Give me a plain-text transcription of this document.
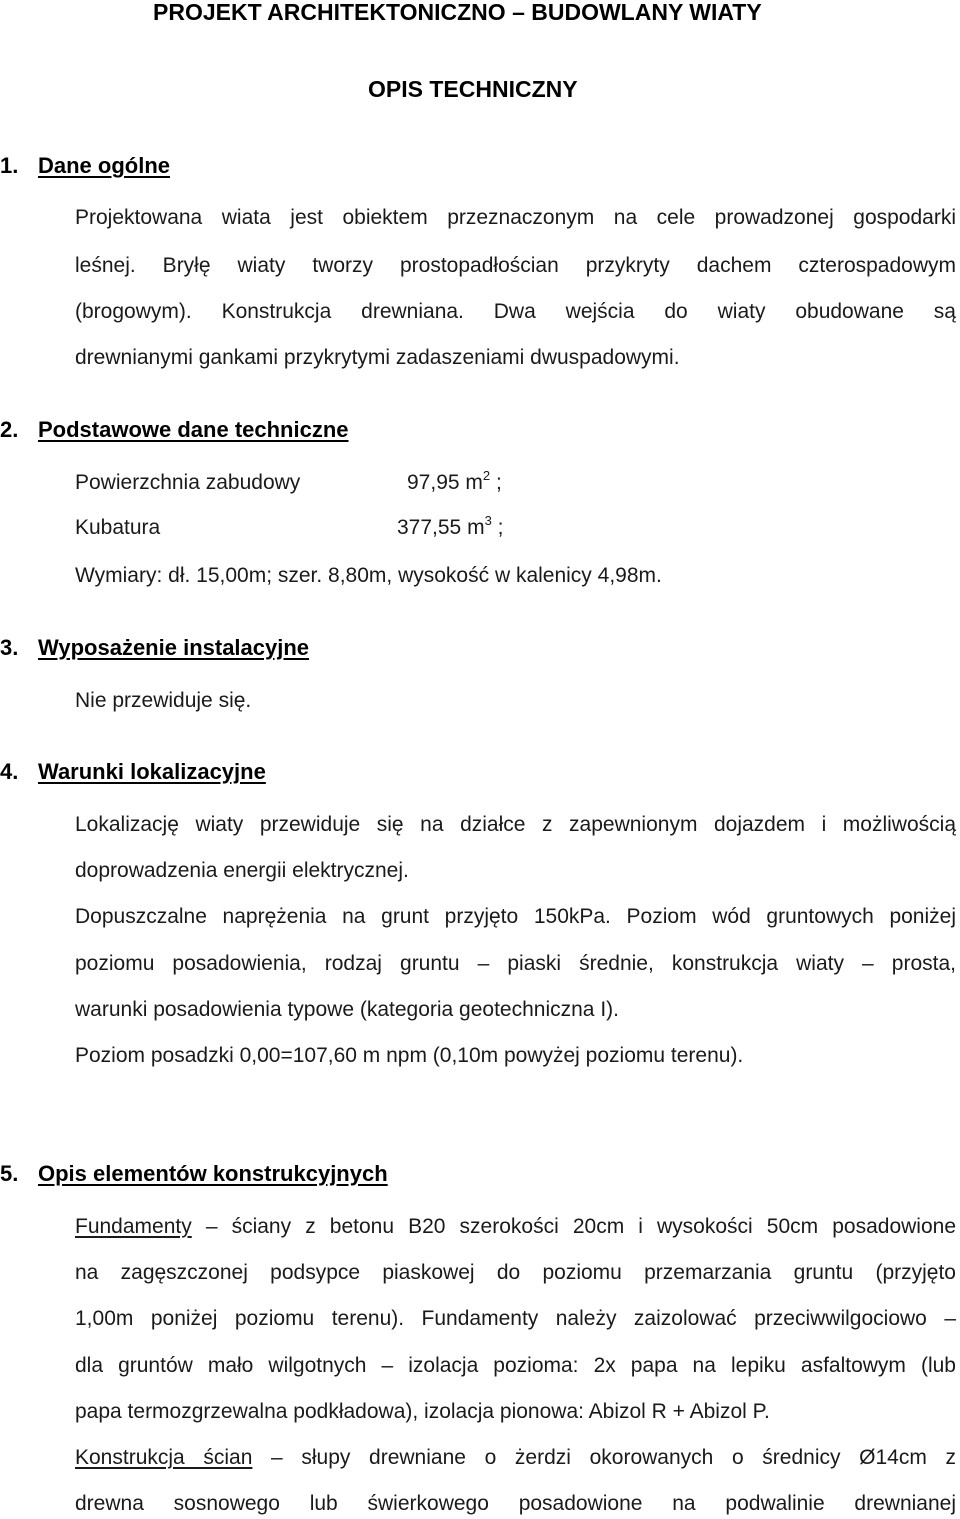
PROJEKT ARCHITEKTONICZNO – BUDOWLANY WIATY
OPIS TECHNICZNY
1. Dane ogólne
Projektowana wiata jest obiektem przeznaczonym na cele prowadzonej gospodarki
leśnej. Bryłę wiaty tworzy prostopadłościan przykryty dachem czterospadowym
(brogowym). Konstrukcja drewniana. Dwa wejścia do wiaty obudowane są
drewnianymi gankami przykrytymi zadaszeniami dwuspadowymi.
2. Podstawowe dane techniczne
Powierzchnia zabudowy	97,95 $m^2$ ;
Kubatura	377,55 $m^3$ ;
Wymiary: dł. 15,00m; szer. 8,80m, wysokość w kalenicy 4,98m.
3. Wyposażenie instalacyjne
Nie przewiduje się.
4. Warunki lokalizacyjne
Lokalizację wiaty przewiduje się na działce z zapewnionym dojazdem i możliwością
doprowadzenia energii elektrycznej.
Dopuszczalne naprężenia na grunt przyjęto 150kPa. Poziom wód gruntowych poniżej
poziomu posadowienia, rodzaj gruntu – piaski średnie, konstrukcja wiaty – prosta,
warunki posadowienia typowe (kategoria geotechniczna I).
Poziom posadzki 0,00=107,60 m npm (0,10m powyżej poziomu terenu).
5. Opis elementów konstrukcyjnych
Fundamenty – ściany z betonu B20 szerokości 20cm i wysokości 50cm posadowione
na zagęszczonej podsypce piaskowej do poziomu przemarzania gruntu (przyjęto
1,00m poniżej poziomu terenu). Fundamenty należy zaizolować przeciwwilgociowo –
dla gruntów mało wilgotnych – izolacja pozioma: 2x papa na lepiku asfaltowym (lub
papa termozgrzewalna podkładowa), izolacja pionowa: Abizol R + Abizol P.
Konstrukcja ścian – słupy drewniane o żerdzi okorowanych o średnicy Ø14cm z
drewna sosnowego lub świerkowego posadowione na podwalinie drewnianej
